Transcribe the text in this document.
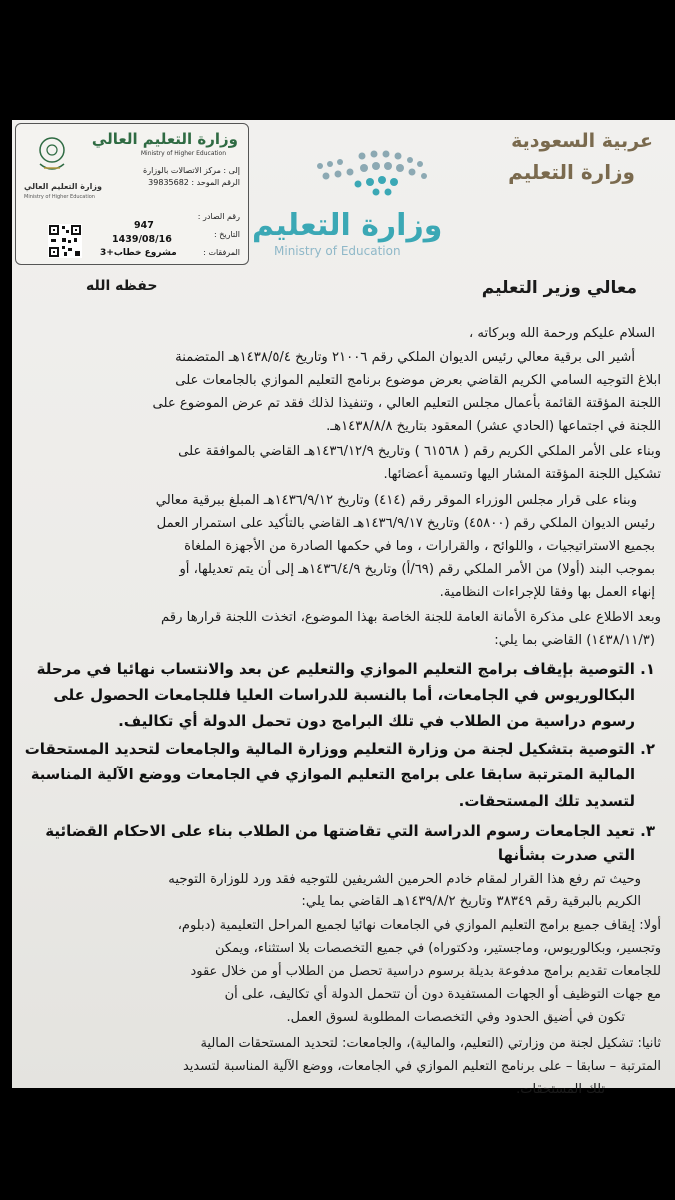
وزارة التعليم العالي
Ministry of Higher Education
وزارة التعليم العالي
Ministry of Higher Education
إلى : مركز الاتصالات بالوزارة
الرقم الموحد : 39835682
رقم الصادر :
947
التاريخ :
1439/08/16
المرفقات :
3+مشروع خطاب
وزارة التعليم
Ministry of Education
عربية السعودية
وزارة التعليم
معالي وزير التعليم
حفظه الله
السلام عليكم ورحمة الله وبركاته ،
أشير الى برقية معالي رئيس الديوان الملكي رقم ٢١٠٠٦ وتاريخ ١٤٣٨/٥/٤هـ المتضمنة
ابلاغ التوجيه السامي الكريم القاضي بعرض موضوع برنامج التعليم الموازي بالجامعات على
اللجنة المؤقتة القائمة بأعمال مجلس التعليم العالي ، وتنفيذا لذلك فقد تم عرض الموضوع على
اللجنة في اجتماعها (الحادي عشر) المعقود بتاريخ ١٤٣٨/٨/٨هـ.
وبناء على الأمر الملكي الكريم رقم ( ٦١٥٦٨ ) وتاريخ ١٤٣٦/١٢/٩هـ القاضي بالموافقة على
تشكيل اللجنة المؤقتة المشار اليها وتسمية أعضائها.
وبناء على قرار مجلس الوزراء الموقر رقم (٤١٤) وتاريخ ١٤٣٦/٩/١٢هـ المبلغ ببرقية معالي
رئيس الديوان الملكي رقم (٤٥٨٠٠) وتاريخ ١٤٣٦/٩/١٧هـ القاضي بالتأكيد على استمرار العمل
بجميع الاستراتيجيات ، واللوائح ، والقرارات ، وما في حكمها الصادرة من الأجهزة الملغاة
بموجب البند (أولا) من الأمر الملكي رقم (٦٩/أ) وتاريخ ١٤٣٦/٤/٩هـ إلى أن يتم تعديلها، أو
إنهاء العمل بها وفقا للإجراءات النظامية.
وبعد الاطلاع على مذكرة الأمانة العامة للجنة الخاصة بهذا الموضوع، اتخذت اللجنة قرارها رقم
(١٤٣٨/١١/٣) القاضي بما يلي:
١. التوصية بإيقاف برامج التعليم الموازي والتعليم عن بعد والانتساب نهائيا في مرحلة
البكالوريوس في الجامعات، أما بالنسبة للدراسات العليا فللجامعات الحصول على
رسوم دراسية من الطلاب في تلك البرامج دون تحمل الدولة أي تكاليف.
٢. التوصية بتشكيل لجنة من وزارة التعليم ووزارة المالية والجامعات لتحديد المستحقات
المالية المترتبة سابقا على برامج التعليم الموازي في الجامعات ووضع الآلية المناسبة
لتسديد تلك المستحقات.
٣. تعيد الجامعات رسوم الدراسة التي تقاضتها من الطلاب بناء على الاحكام القضائية
التي صدرت بشأنها
وحيث تم رفع هذا القرار لمقام خادم الحرمين الشريفين للتوجيه فقد ورد للوزارة التوجيه
الكريم بالبرقية رقم ٣٨٣٤٩ وتاريخ ١٤٣٩/٨/٢هـ القاضي بما يلي:
أولا: إيقاف جميع برامج التعليم الموازي في الجامعات نهائيا لجميع المراحل التعليمية (دبلوم،
وتجسير، وبكالوريوس، وماجستير، ودكتوراه) في جميع التخصصات بلا استثناء، ويمكن
للجامعات تقديم برامج مدفوعة بديلة برسوم دراسية تحصل من الطلاب أو من خلال عقود
مع جهات التوظيف أو الجهات المستفيدة دون أن تتحمل الدولة أي تكاليف، على أن
تكون في أضيق الحدود وفي التخصصات المطلوبة لسوق العمل.
ثانيا: تشكيل لجنة من وزارتي (التعليم، والمالية)، والجامعات: لتحديد المستحقات المالية
المترتبة – سابقا – على برنامج التعليم الموازي في الجامعات، ووضع الآلية المناسبة لتسديد
تلك المستحقات.
